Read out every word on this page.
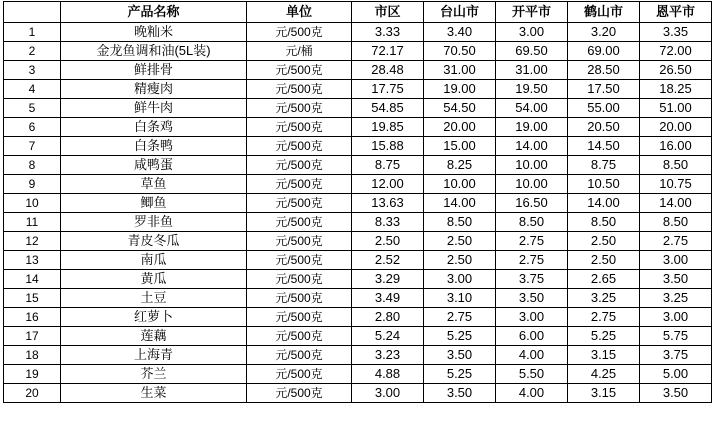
	产品名称	单位	市区	台山市	开平市	鹤山市	恩平市
1	晚籼米	元/500克	3.33	3.40	3.00	3.20	3.35
2	金龙鱼调和油(5L装)	元/桶	72.17	70.50	69.50	69.00	72.00
3	鲜排骨	元/500克	28.48	31.00	31.00	28.50	26.50
4	精瘦肉	元/500克	17.75	19.00	19.50	17.50	18.25
5	鲜牛肉	元/500克	54.85	54.50	54.00	55.00	51.00
6	白条鸡	元/500克	19.85	20.00	19.00	20.50	20.00
7	白条鸭	元/500克	15.88	15.00	14.00	14.50	16.00
8	咸鸭蛋	元/500克	8.75	8.25	10.00	8.75	8.50
9	草鱼	元/500克	12.00	10.00	10.00	10.50	10.75
10	鲫鱼	元/500克	13.63	14.00	16.50	14.00	14.00
11	罗非鱼	元/500克	8.33	8.50	8.50	8.50	8.50
12	青皮冬瓜	元/500克	2.50	2.50	2.75	2.50	2.75
13	南瓜	元/500克	2.52	2.50	2.75	2.50	3.00
14	黄瓜	元/500克	3.29	3.00	3.75	2.65	3.50
15	土豆	元/500克	3.49	3.10	3.50	3.25	3.25
16	红萝卜	元/500克	2.80	2.75	3.00	2.75	3.00
17	莲藕	元/500克	5.24	5.25	6.00	5.25	5.75
18	上海青	元/500克	3.23	3.50	4.00	3.15	3.75
19	芥兰	元/500克	4.88	5.25	5.50	4.25	5.00
20	生菜	元/500克	3.00	3.50	4.00	3.15	3.50
